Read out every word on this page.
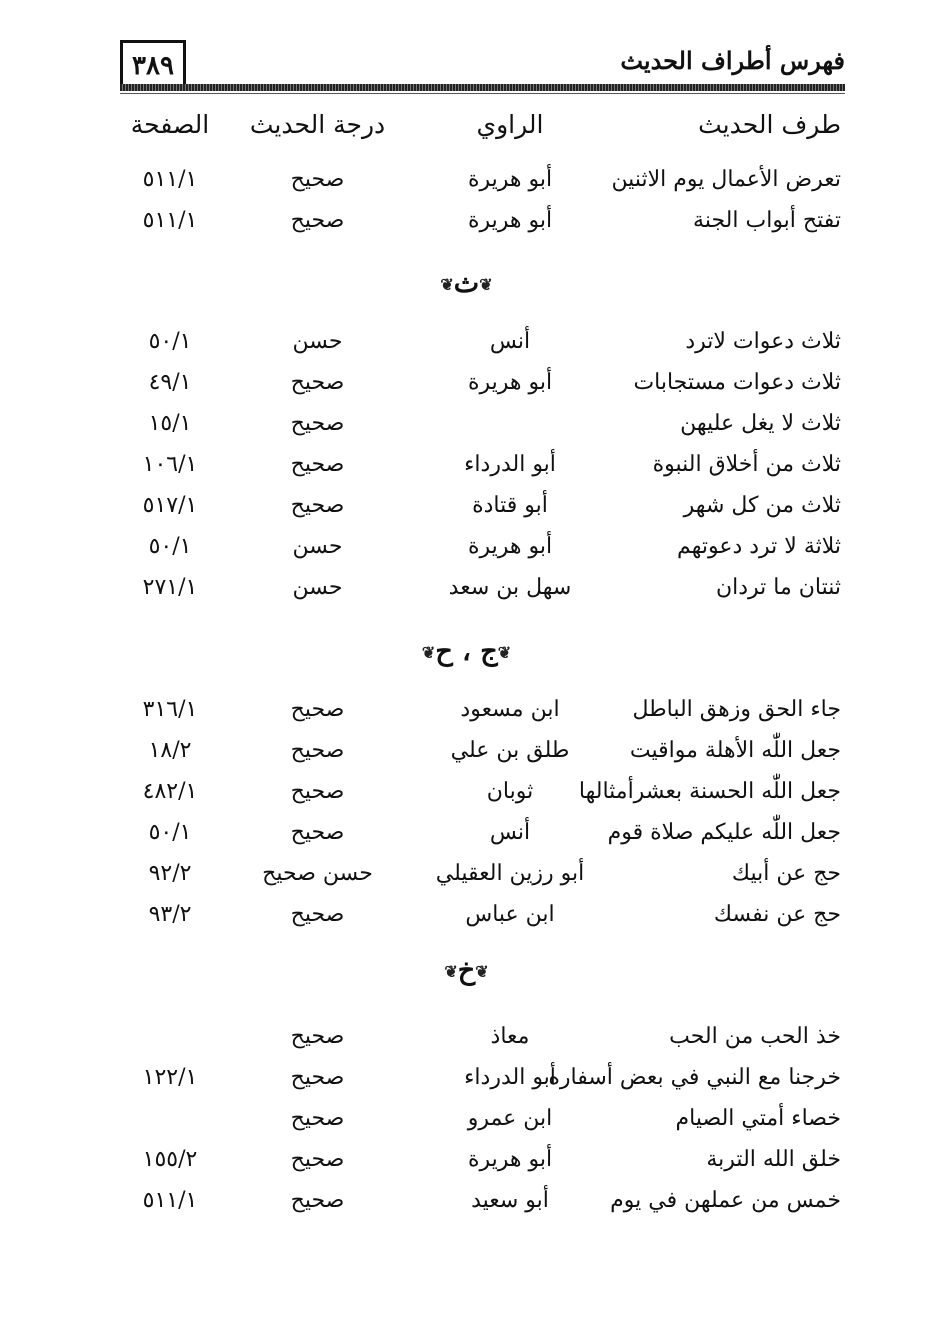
٣٨٩	فهرس أطراف الحديث
طرف الحديث
الراوي
درجة الحديث
الصفحة
تعرض الأعمال يوم الاثنين
أبو هريرة
صحيح
٥١١/١
تفتح أبواب الجنة
أبو هريرة
صحيح
٥١١/١
❦ث❦
ثلاث دعوات لاترد
أنس
حسن
٥٠/١
ثلاث دعوات مستجابات
أبو هريرة
صحيح
٤٩/١
ثلاث لا يغل عليهن
صحيح
١٥/١
ثلاث من أخلاق النبوة
أبو الدرداء
صحيح
١٠٦/١
ثلاث من كل شهر
أبو قتادة
صحيح
٥١٧/١
ثلاثة لا ترد دعوتهم
أبو هريرة
حسن
٥٠/١
ثنتان ما تردان
سهل بن سعد
حسن
٢٧١/١
❦ج ، ح❦
جاء الحق وزهق الباطل
ابن مسعود
صحيح
٣١٦/١
جعل اللّٰه الأهلة مواقيت
طلق بن علي
صحيح
١٨/٢
جعل اللّٰه الحسنة بعشرأمثالها
ثوبان
صحيح
٤٨٢/١
جعل اللّٰه عليكم صلاة قوم
أنس
صحيح
٥٠/١
حج عن أبيك
أبو رزين العقيلي
حسن صحيح
٩٢/٢
حج عن نفسك
ابن عباس
صحيح
٩٣/٢
❦خ❦
خذ الحب من الحب
معاذ
صحيح
خرجنا مع النبي في بعض أسفاره
أبو الدرداء
صحيح
١٢٢/١
خصاء أمتي الصيام
ابن عمرو
صحيح
خلق الله التربة
أبو هريرة
صحيح
١٥٥/٢
خمس من عملهن في يوم
أبو سعيد
صحيح
٥١١/١
